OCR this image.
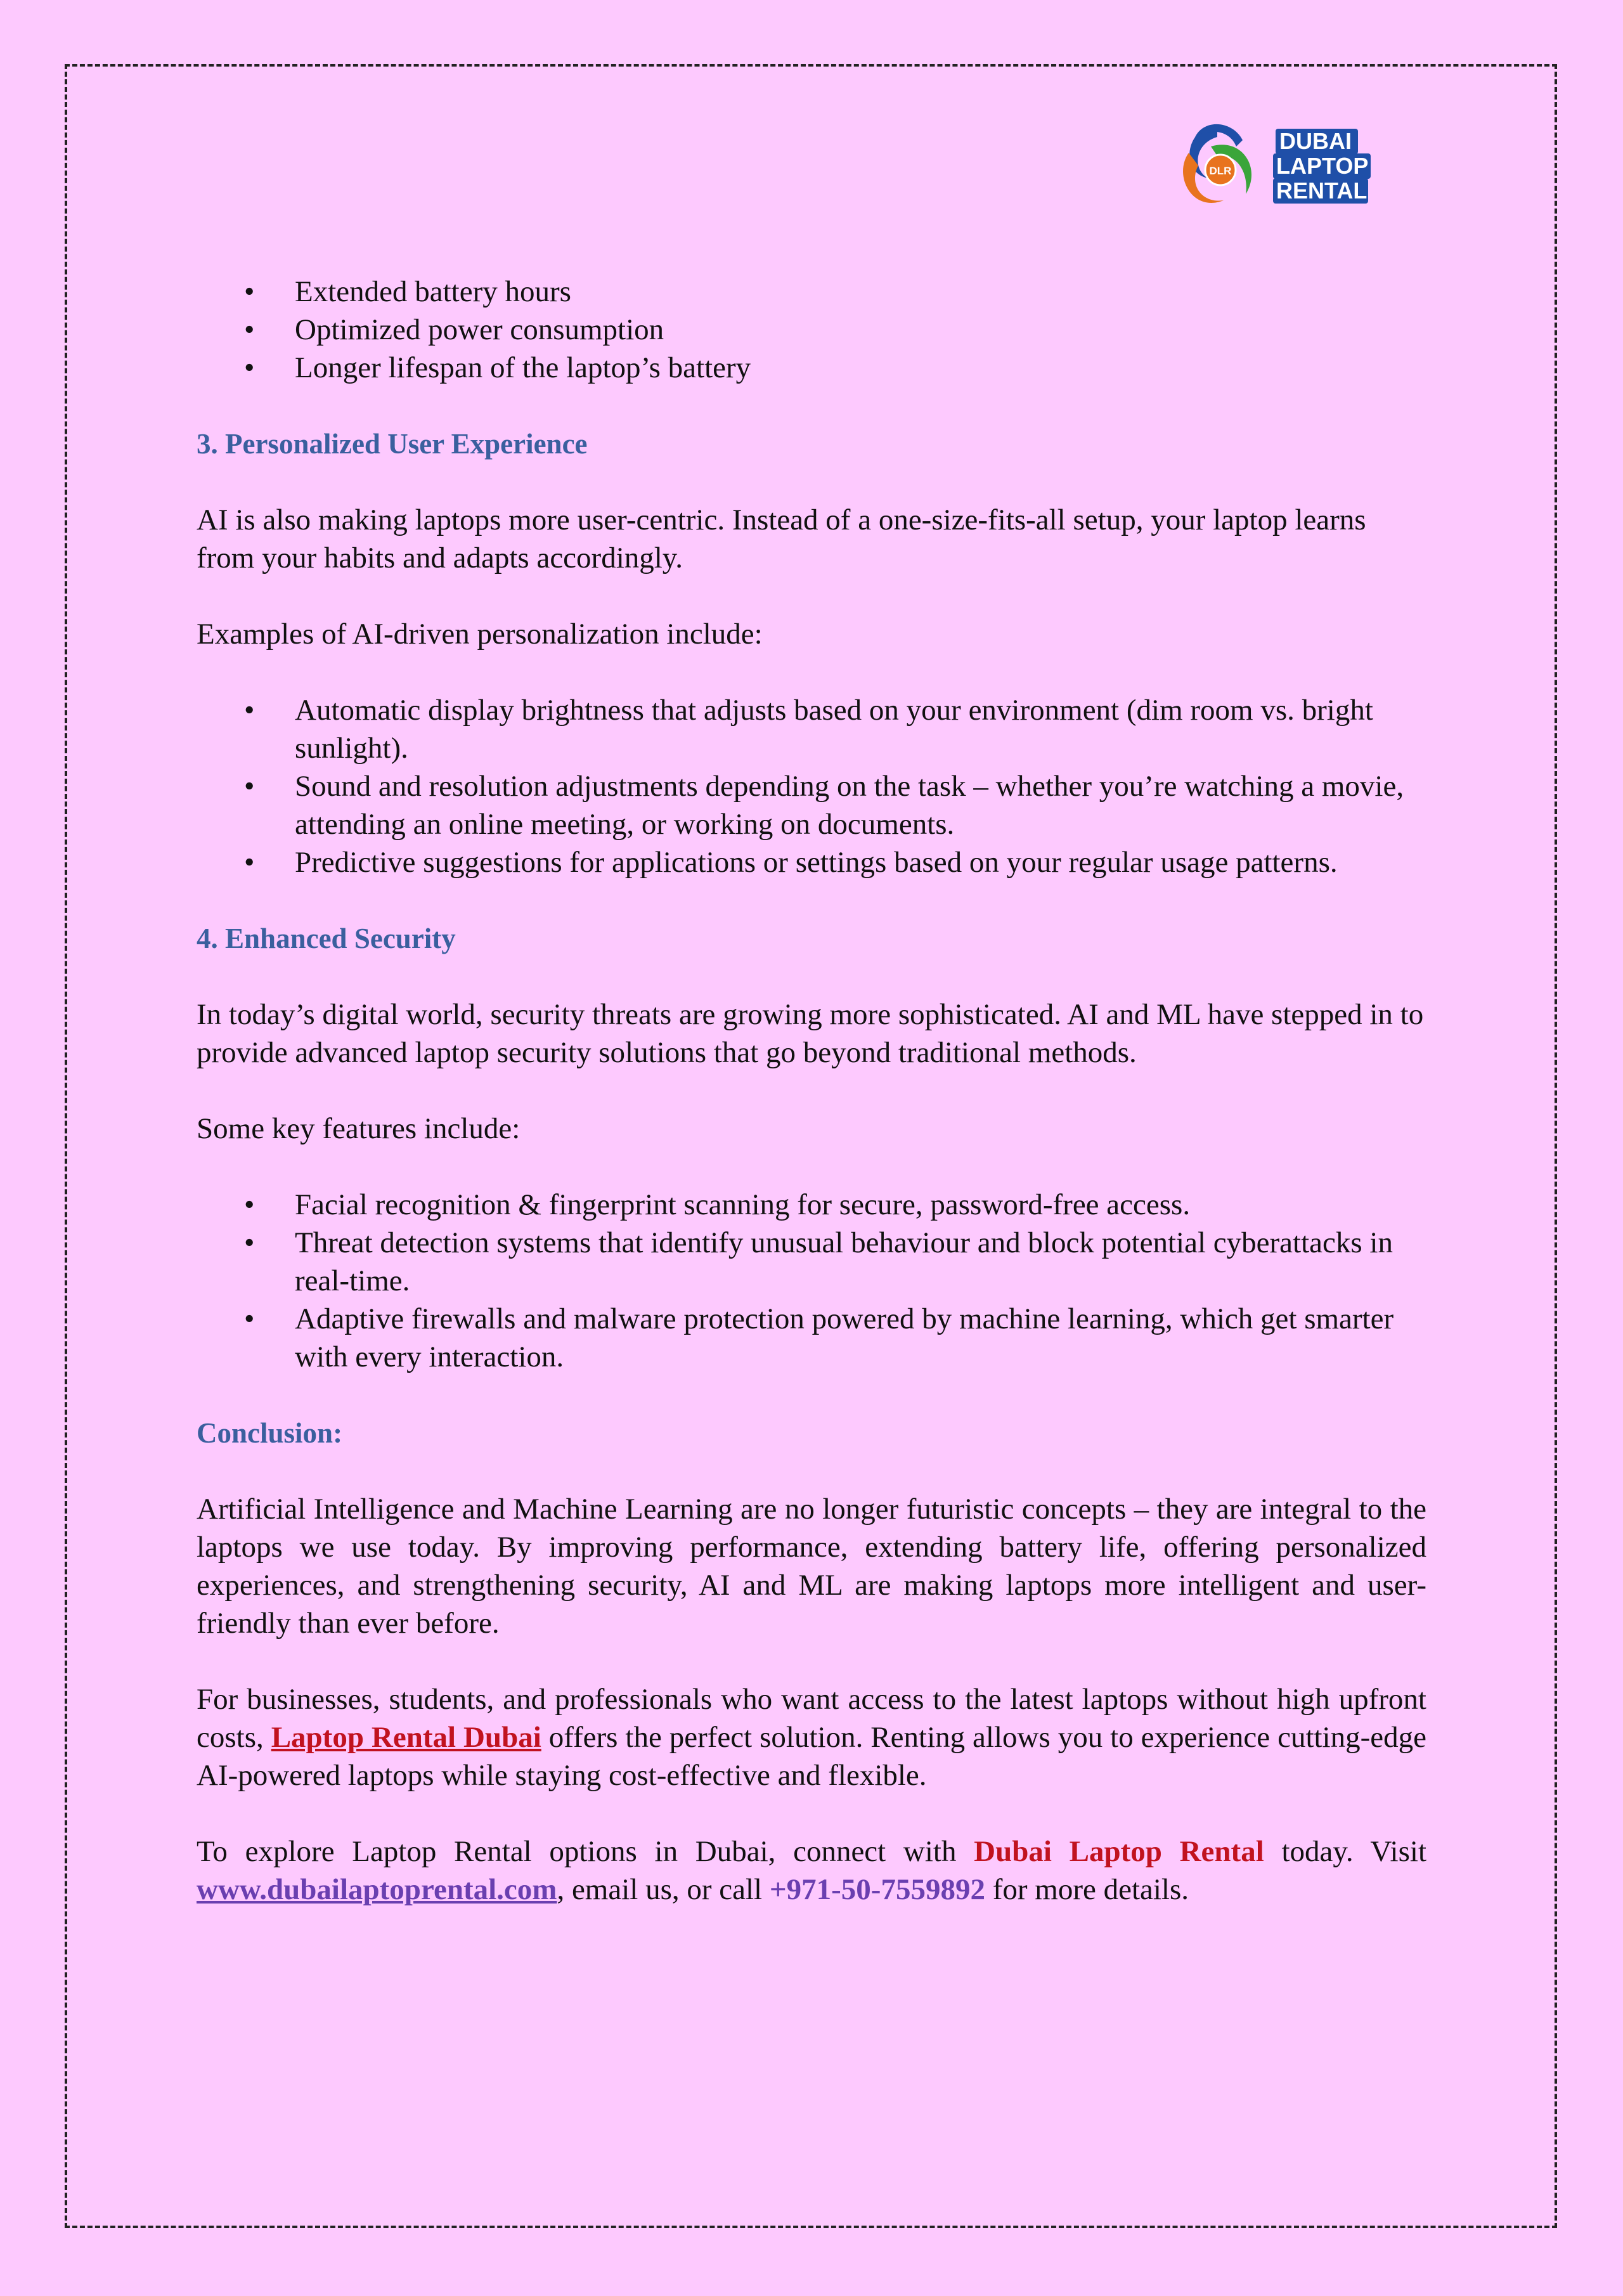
DLR
DUBAI
LAPTOP
RENTAL
• Extended battery hours
• Optimized power consumption
• Longer lifespan of the laptop’s battery

3. Personalized User Experience

AI is also making laptops more user-centric. Instead of a one-size-fits-all setup, your laptop learns from your habits and adapts accordingly.

Examples of AI-driven personalization include:

• Automatic display brightness that adjusts based on your environment (dim room vs. bright sunlight).
• Sound and resolution adjustments depending on the task – whether you’re watching a movie, attending an online meeting, or working on documents.
• Predictive suggestions for applications or settings based on your regular usage patterns.

4. Enhanced Security

In today’s digital world, security threats are growing more sophisticated. AI and ML have stepped in to provide advanced laptop security solutions that go beyond traditional methods.

Some key features include:

• Facial recognition & fingerprint scanning for secure, password-free access.
• Threat detection systems that identify unusual behaviour and block potential cyberattacks in real-time.
• Adaptive firewalls and malware protection powered by machine learning, which get smarter with every interaction.

Conclusion:

Artificial Intelligence and Machine Learning are no longer futuristic concepts – they are integral to the laptops we use today. By improving performance, extending battery life, offering personalized experiences, and strengthening security, AI and ML are making laptops more intelligent and user-friendly than ever before.

For businesses, students, and professionals who want access to the latest laptops without high upfront costs, Laptop Rental Dubai offers the perfect solution. Renting allows you to experience cutting-edge AI-powered laptops while staying cost-effective and flexible.

To explore Laptop Rental options in Dubai, connect with Dubai Laptop Rental today. Visit www.dubailaptoprental.com, email us, or call +971-50-7559892 for more details.
